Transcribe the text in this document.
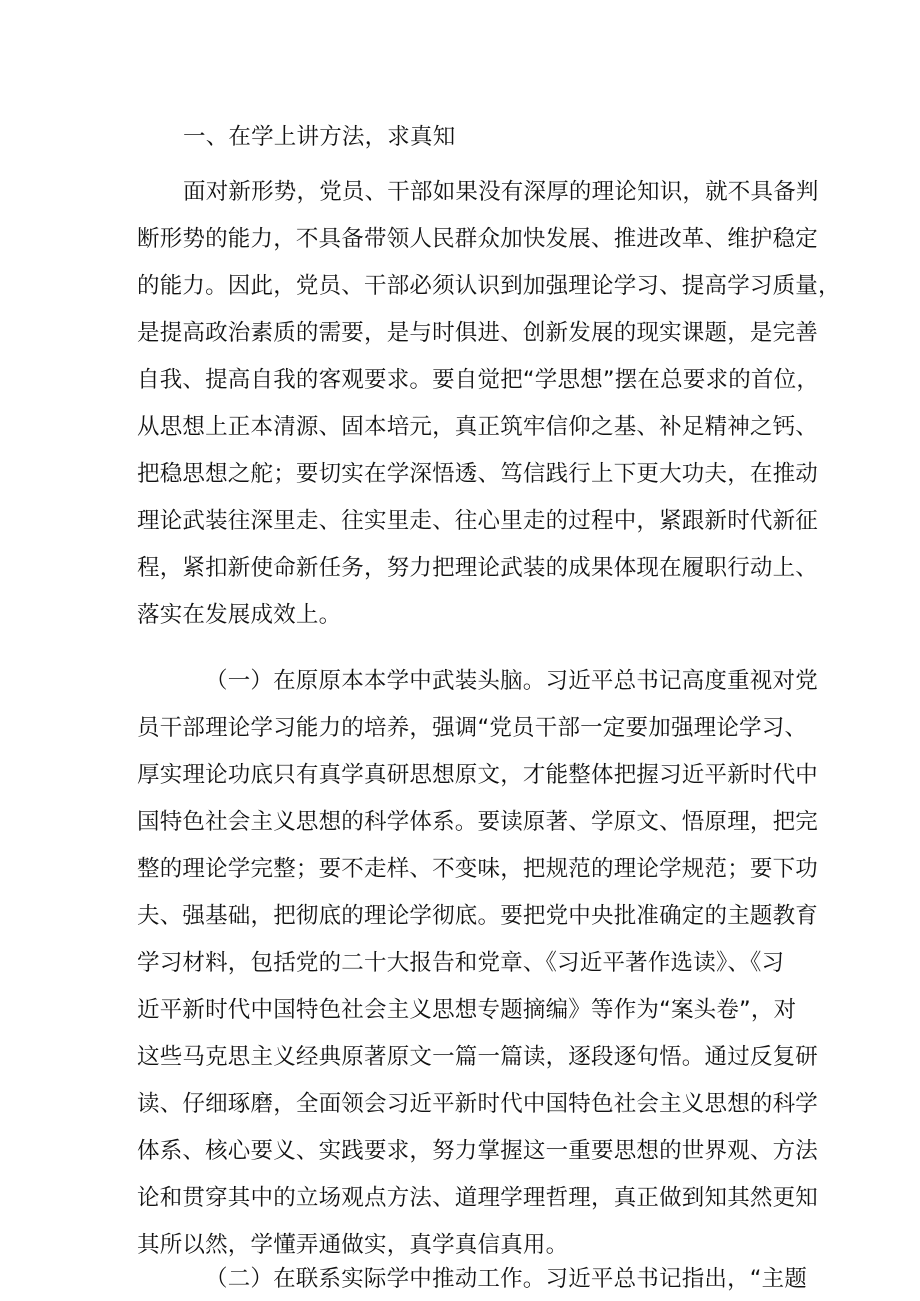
一、在学上讲方法，求真知
面对新形势，党员、干部如果没有深厚的理论知识，就不具备判
断形势的能力，不具备带领人民群众加快发展、推进改革、维护稳定
的能力。因此，党员、干部必须认识到加强理论学习、提高学习质量，
是提高政治素质的需要，是与时俱进、创新发展的现实课题，是完善
自我、提高自我的客观要求。要自觉把“学思想”摆在总要求的首位，
从思想上正本清源、固本培元，真正筑牢信仰之基、补足精神之钙、
把稳思想之舵；要切实在学深悟透、笃信践行上下更大功夫，在推动
理论武装往深里走、往实里走、往心里走的过程中，紧跟新时代新征
程，紧扣新使命新任务，努力把理论武装的成果体现在履职行动上、
落实在发展成效上。
（一）在原原本本学中武装头脑。习近平总书记高度重视对党
员干部理论学习能力的培养，强调“党员干部一定要加强理论学习、
厚实理论功底只有真学真研思想原文，才能整体把握习近平新时代中
国特色社会主义思想的科学体系。要读原著、学原文、悟原理，把完
整的理论学完整；要不走样、不变味，把规范的理论学规范；要下功
夫、强基础，把彻底的理论学彻底。要把党中央批准确定的主题教育
学习材料，包括党的二十大报告和党章、《习近平著作选读》、《习
近平新时代中国特色社会主义思想专题摘编》等作为“案头卷”，对
这些马克思主义经典原著原文一篇一篇读，逐段逐句悟。通过反复研
读、仔细琢磨，全面领会习近平新时代中国特色社会主义思想的科学
体系、核心要义、实践要求，努力掌握这一重要思想的世界观、方法
论和贯穿其中的立场观点方法、道理学理哲理，真正做到知其然更知
其所以然，学懂弄通做实，真学真信真用。
（二）在联系实际学中推动工作。习近平总书记指出，“主题
